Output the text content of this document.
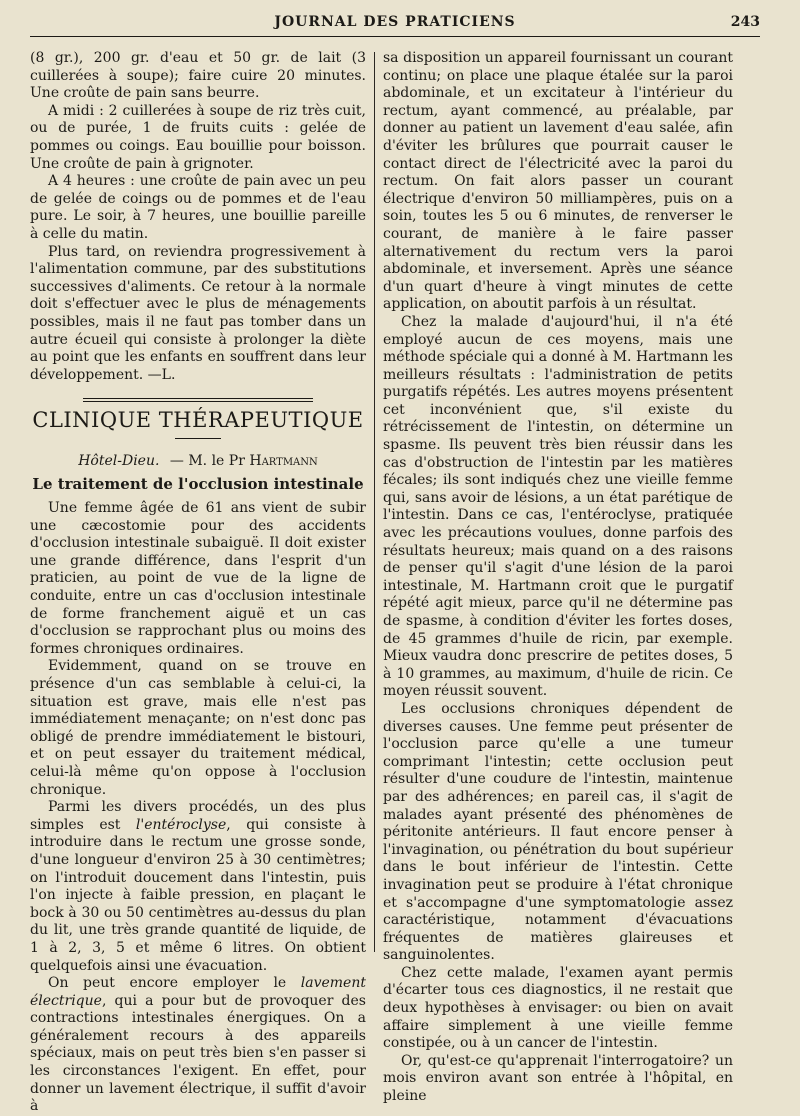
JOURNAL DES PRATICIENS	243

(8 gr.), 200 gr. d'eau et 50 gr. de lait (3 cuillerées à soupe); faire cuire 20 minutes. Une croûte de pain sans beurre.

A midi : 2 cuillerées à soupe de riz très cuit, ou de purée, 1 de fruits cuits : gelée de pommes ou coings. Eau bouillie pour boisson. Une croûte de pain à grignoter.

A 4 heures : une croûte de pain avec un peu de gelée de coings ou de pommes et de l'eau pure. Le soir, à 7 heures, une bouillie pareille à celle du matin.

Plus tard, on reviendra progressivement à l'alimentation commune, par des substitutions successives d'aliments. Ce retour à la normale doit s'effectuer avec le plus de ménagements possibles, mais il ne faut pas tomber dans un autre écueil qui consiste à prolonger la diète au point que les enfants en souffrent dans leur développement. —L.

CLINIQUE THÉRAPEUTIQUE
Hôtel-Dieu. — M. le Pr Hartmann
Le traitement de l'occlusion intestinale

Une femme âgée de 61 ans vient de subir une cæcostomie pour des accidents d'occlusion intestinale subaiguë. Il doit exister une grande différence, dans l'esprit d'un praticien, au point de vue de la ligne de conduite, entre un cas d'occlusion intestinale de forme franchement aiguë et un cas d'occlusion se rapprochant plus ou moins des formes chroniques ordinaires.

Evidemment, quand on se trouve en présence d'un cas semblable à celui-ci, la situation est grave, mais elle n'est pas immédiatement menaçante; on n'est donc pas obligé de prendre immédiatement le bistouri, et on peut essayer du traitement médical, celui-là même qu'on oppose à l'occlusion chronique.

Parmi les divers procédés, un des plus simples est l'entéroclyse, qui consiste à introduire dans le rectum une grosse sonde, d'une longueur d'environ 25 à 30 centimètres; on l'introduit doucement dans l'intestin, puis l'on injecte à faible pression, en plaçant le bock à 30 ou 50 centimètres au-dessus du plan du lit, une très grande quantité de liquide, de 1 à 2, 3, 5 et même 6 litres. On obtient quelquefois ainsi une évacuation.

On peut encore employer le lavement électrique, qui a pour but de provoquer des contractions intestinales énergiques. On a généralement recours à des appareils spéciaux, mais on peut très bien s'en passer si les circonstances l'exigent. En effet, pour donner un lavement électrique, il suffit d'avoir à

sa disposition un appareil fournissant un courant continu; on place une plaque étalée sur la paroi abdominale, et un excitateur à l'intérieur du rectum, ayant commencé, au préalable, par donner au patient un lavement d'eau salée, afin d'éviter les brûlures que pourrait causer le contact direct de l'électricité avec la paroi du rectum. On fait alors passer un courant électrique d'environ 50 milliampères, puis on a soin, toutes les 5 ou 6 minutes, de renverser le courant, de manière à le faire passer alternativement du rectum vers la paroi abdominale, et inversement. Après une séance d'un quart d'heure à vingt minutes de cette application, on aboutit parfois à un résultat.

Chez la malade d'aujourd'hui, il n'a été employé aucun de ces moyens, mais une méthode spéciale qui a donné à M. Hartmann les meilleurs résultats : l'administration de petits purgatifs répétés. Les autres moyens présentent cet inconvénient que, s'il existe du rétrécissement de l'intestin, on détermine un spasme. Ils peuvent très bien réussir dans les cas d'obstruction de l'intestin par les matières fécales; ils sont indiqués chez une vieille femme qui, sans avoir de lésions, a un état parétique de l'intestin. Dans ce cas, l'entéroclyse, pratiquée avec les précautions voulues, donne parfois des résultats heureux; mais quand on a des raisons de penser qu'il s'agit d'une lésion de la paroi intestinale, M. Hartmann croit que le purgatif répété agit mieux, parce qu'il ne détermine pas de spasme, à condition d'éviter les fortes doses, de 45 grammes d'huile de ricin, par exemple. Mieux vaudra donc prescrire de petites doses, 5 à 10 grammes, au maximum, d'huile de ricin. Ce moyen réussit souvent.

Les occlusions chroniques dépendent de diverses causes. Une femme peut présenter de l'occlusion parce qu'elle a une tumeur comprimant l'intestin; cette occlusion peut résulter d'une coudure de l'intestin, maintenue par des adhérences; en pareil cas, il s'agit de malades ayant présenté des phénomènes de péritonite antérieurs. Il faut encore penser à l'invagination, ou pénétration du bout supérieur dans le bout inférieur de l'intestin. Cette invagination peut se produire à l'état chronique et s'accompagne d'une symptomatologie assez caractéristique, notamment d'évacuations fréquentes de matières glaireuses et sanguinolentes.

Chez cette malade, l'examen ayant permis d'écarter tous ces diagnostics, il ne restait que deux hypothèses à envisager: ou bien on avait affaire simplement à une vieille femme constipée, ou à un cancer de l'intestin.

Or, qu'est-ce qu'apprenait l'interrogatoire? un mois environ avant son entrée à l'hôpital, en pleine
